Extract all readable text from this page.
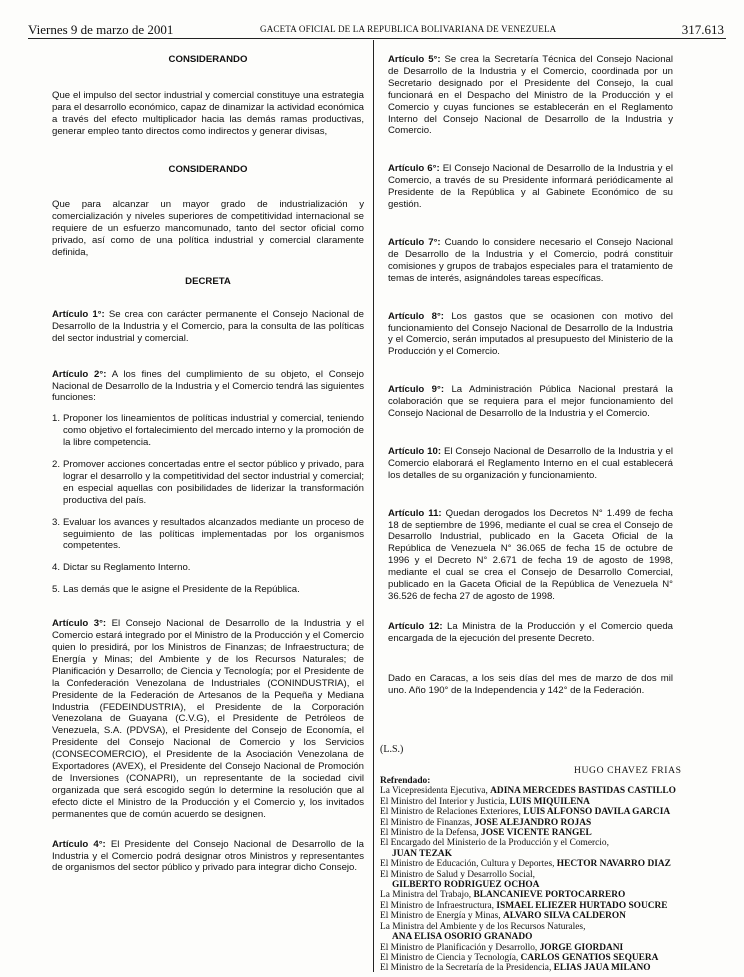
Viernes 9 de marzo de 2001	GACETA OFICIAL DE LA REPUBLICA BOLIVARIANA DE VENEZUELA	317.613

CONSIDERANDO

Que el impulso del sector industrial y comercial constituye una estrategia para el desarrollo económico, capaz de dinamizar la actividad económica a través del efecto multiplicador hacia las demás ramas productivas, generar empleo tanto directos como indirectos y generar divisas,

CONSIDERANDO

Que para alcanzar un mayor grado de industrialización y comercialización y niveles superiores de competitividad internacional se requiere de un esfuerzo mancomunado, tanto del sector oficial como privado, así como de una política industrial y comercial claramente definida,

DECRETA

Artículo 1°: Se crea con carácter permanente el Consejo Nacional de Desarrollo de la Industria y el Comercio, para la consulta de las políticas del sector industrial y comercial.

Artículo 2°: A los fines del cumplimiento de su objeto, el Consejo Nacional de Desarrollo de la Industria y el Comercio tendrá las siguientes funciones:

1. Proponer los lineamientos de políticas industrial y comercial, teniendo como objetivo el fortalecimiento del mercado interno y la promoción de la libre competencia.
2. Promover acciones concertadas entre el sector público y privado, para lograr el desarrollo y la competitividad del sector industrial y comercial; en especial aquellas con posibilidades de liderizar la transformación productiva del país.
3. Evaluar los avances y resultados alcanzados mediante un proceso de seguimiento de las políticas implementadas por los organismos competentes.
4. Dictar su Reglamento Interno.
5. Las demás que le asigne el Presidente de la República.

Artículo 3°: El Consejo Nacional de Desarrollo de la Industria y el Comercio estará integrado por el Ministro de la Producción y el Comercio quien lo presidirá, por los Ministros de Finanzas; de Infraestructura; de Energía y Minas; del Ambiente y de los Recursos Naturales; de Planificación y Desarrollo; de Ciencia y Tecnología; por el Presidente de la Confederación Venezolana de Industriales (CONINDUSTRIA), el Presidente de la Federación de Artesanos de la Pequeña y Mediana Industria (FEDEINDUSTRIA), el Presidente de la Corporación Venezolana de Guayana (C.V.G), el Presidente de Petróleos de Venezuela, S.A. (PDVSA), el Presidente del Consejo de Economía, el Presidente del Consejo Nacional de Comercio y los Servicios (CONSECOMERCIO), el Presidente de la Asociación Venezolana de Exportadores (AVEX), el Presidente del Consejo Nacional de Promoción de Inversiones (CONAPRI), un representante de la sociedad civil organizada que será escogido según lo determine la resolución que al efecto dicte el Ministro de la Producción y el Comercio y, los invitados permanentes que de común acuerdo se designen.

Artículo 4°: El Presidente del Consejo Nacional de Desarrollo de la Industria y el Comercio podrá designar otros Ministros y representantes de organismos del sector público y privado para integrar dicho Consejo.

Artículo 5°: Se crea la Secretaría Técnica del Consejo Nacional de Desarrollo de la Industria y el Comercio, coordinada por un Secretario designado por el Presidente del Consejo, la cual funcionará en el Despacho del Ministro de la Producción y el Comercio y cuyas funciones se establecerán en el Reglamento Interno del Consejo Nacional de Desarrollo de la Industria y Comercio.

Artículo 6°: El Consejo Nacional de Desarrollo de la Industria y el Comercio, a través de su Presidente informará periódicamente al Presidente de la República y al Gabinete Económico de su gestión.

Artículo 7°: Cuando lo considere necesario el Consejo Nacional de Desarrollo de la Industria y el Comercio, podrá constituir comisiones y grupos de trabajos especiales para el tratamiento de temas de interés, asignándoles tareas específicas.

Artículo 8°: Los gastos que se ocasionen con motivo del funcionamiento del Consejo Nacional de Desarrollo de la Industria y el Comercio, serán imputados al presupuesto del Ministerio de la Producción y el Comercio.

Artículo 9°: La Administración Pública Nacional prestará la colaboración que se requiera para el mejor funcionamiento del Consejo Nacional de Desarrollo de la Industria y el Comercio.

Artículo 10: El Consejo Nacional de Desarrollo de la Industria y el Comercio elaborará el Reglamento Interno en el cual establecerá los detalles de su organización y funcionamiento.

Artículo 11: Quedan derogados los Decretos N° 1.499 de fecha 18 de septiembre de 1996, mediante el cual se crea el Consejo de Desarrollo Industrial, publicado en la Gaceta Oficial de la República de Venezuela N° 36.065 de fecha 15 de octubre de 1996 y el Decreto N° 2.671 de fecha 19 de agosto de 1998, mediante el cual se crea el Consejo de Desarrollo Comercial, publicado en la Gaceta Oficial de la República de Venezuela N° 36.526 de fecha 27 de agosto de 1998.

Artículo 12: La Ministra de la Producción y el Comercio queda encargada de la ejecución del presente Decreto.

Dado en Caracas, a los seis días del mes de marzo de dos mil uno. Año 190° de la Independencia y 142° de la Federación.

(L.S.)
HUGO CHAVEZ FRIAS
Refrendado:
La Vicepresidenta Ejecutiva, ADINA MERCEDES BASTIDAS CASTILLO
El Ministro del Interior y Justicia, LUIS MIQUILENA
El Ministro de Relaciones Exteriores, LUIS ALFONSO DAVILA GARCIA
El Ministro de Finanzas, JOSE ALEJANDRO ROJAS
El Ministro de la Defensa, JOSE VICENTE RANGEL
El Encargado del Ministerio de la Producción y el Comercio,
JUAN TEZAK
El Ministro de Educación, Cultura y Deportes, HECTOR NAVARRO DIAZ
El Ministro de Salud y Desarrollo Social,
GILBERTO RODRIGUEZ OCHOA
La Ministra del Trabajo, BLANCANIEVE PORTOCARRERO
El Ministro de Infraestructura, ISMAEL ELIEZER HURTADO SOUCRE
El Ministro de Energía y Minas, ALVARO SILVA CALDERON
La Ministra del Ambiente y de los Recursos Naturales,
ANA ELISA OSORIO GRANADO
El Ministro de Planificación y Desarrollo, JORGE GIORDANI
El Ministro de Ciencia y Tecnología, CARLOS GENATIOS SEQUERA
El Ministro de la Secretaría de la Presidencia, ELIAS JAUA MILANO
